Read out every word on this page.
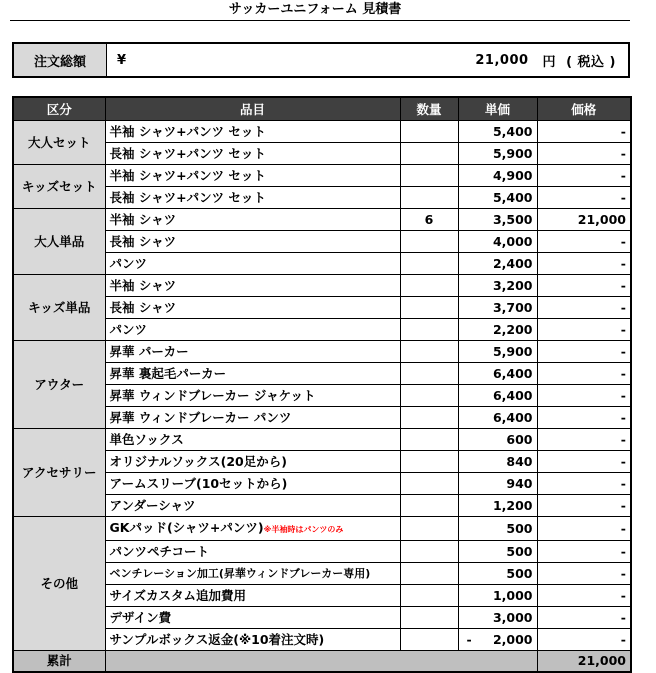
サッカーユニフォーム 見積書
注文総額	¥	21,000 円 ( 税込 )
区分	品目	数量	単価	価格
大人セット	半袖 シャツ+パンツ セット		5,400	-
	長袖 シャツ+パンツ セット		5,900	-
キッズセット	半袖 シャツ+パンツ セット		4,900	-
	長袖 シャツ+パンツ セット		5,400	-
大人単品	半袖 シャツ	6	3,500	21,000
	長袖 シャツ		4,000	-
	パンツ		2,400	-
キッズ単品	半袖 シャツ		3,200	-
	長袖 シャツ		3,700	-
	パンツ		2,200	-
アウター	昇華 パーカー		5,900	-
	昇華 裏起毛パーカー		6,400	-
	昇華 ウィンドブレーカー ジャケット		6,400	-
	昇華 ウィンドブレーカー パンツ		6,400	-
アクセサリー	単色ソックス		600	-
	オリジナルソックス(20足から)		840	-
	アームスリーブ(10セットから)		940	-
	アンダーシャツ		1,200	-
その他	GKパッド(シャツ+パンツ)※半袖時はパンツのみ		500	-
	パンツペチコート		500	-
	ベンチレーション加工(昇華ウィンドブレーカー専用)		500	-
	サイズカスタム追加費用		1,000	-
	デザイン費		3,000	-
	サンプルボックス返金(※10着注文時)		- 2,000	-
累計				21,000
